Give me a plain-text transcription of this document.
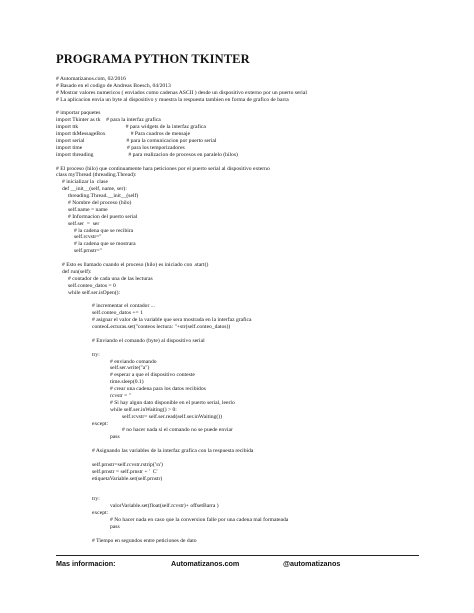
PROGRAMA PYTHON TKINTER
# Automatizanos.com, 02/2016
# Basado en el codigo de Andreas Boesch, 04/2013
# Mostrar valores numericos ( enviados como cadenas ASCII ) desde un dispositivo externo por un puerto serial
# La aplicacion envia un byte al dispositivo y muestra la respuesta tambien en forma de grafico de barra
# importar paquetes
import Tkinter as tk    # para la interfaz grafica
import ttk                                  # para widgets de la interfaz grafica
import tkMessageBox                  # Para cuadros de mensaje
import serial                              # para la comunicacion por puerto serial
import time                                # para los temporizadores
import threading                         # para realizacion de procesos en paralelo (hilos)
# El proceso (hilo) que continuamente hara peticiones por el puerto serial al dispositivo externo
class myThread (threading.Thread):
# inicializar la  clase
def __init__(self, name, ser):
threading.Thread.__init__(self)
# Nombre del proceso (hilo)
self.name = name
# Informacion del puerto serial
self.ser  =  ser
# la cadena que se recibira
self.rcvstr=''
# la cadena que se mostrara
self.prnstr=''
# Esto es llamado cuando el proceso (hilo) es iniciado con .start()
def run(self):
# contador de cada una de las lecturas
self.conteo_datos = 0
while self.ser.isOpen():
# incrementar el contador ...
self.conteo_datos += 1
# asignar el valor de la variable que sera mostrada en la interfaz grafica
conteoLecturas.set("conteos lectura: "+str(self.conteo_datos))
# Enviando el comando (byte) al dispositivo serial
try:
# enviando comando
self.ser.write("a")
# esperar a que el dispositivo conteste
time.sleep(0.1)
# crear una cadena para los datos recibidos
rcvstr = ''
# Si hay algun dato disponible en el puerto serial, leerlo
while self.ser.inWaiting() > 0:
self.rcvstr= self.ser.read(self.ser.inWaiting())
except:
# no hacer nada si el comando no se puede enviar
pass
# Asignando las variables de la interfaz grafica con la respuesta recibida
self.prnstr=self.rcvstr.rstrip('\n')
self.prnstr = self.prnstr + '  C'
etiquetaVariable.set(self.prnstr)
try:
valorVariable.set(float(self.rcvstr)+ offsetBarra )
except:
# No hacer nada en caso que la conversion falle por una cadena mal formateada
pass
# Tiempo en segundos entre peticiones de dato
Mas informacion:	Automatizanos.com	@automatizanos
